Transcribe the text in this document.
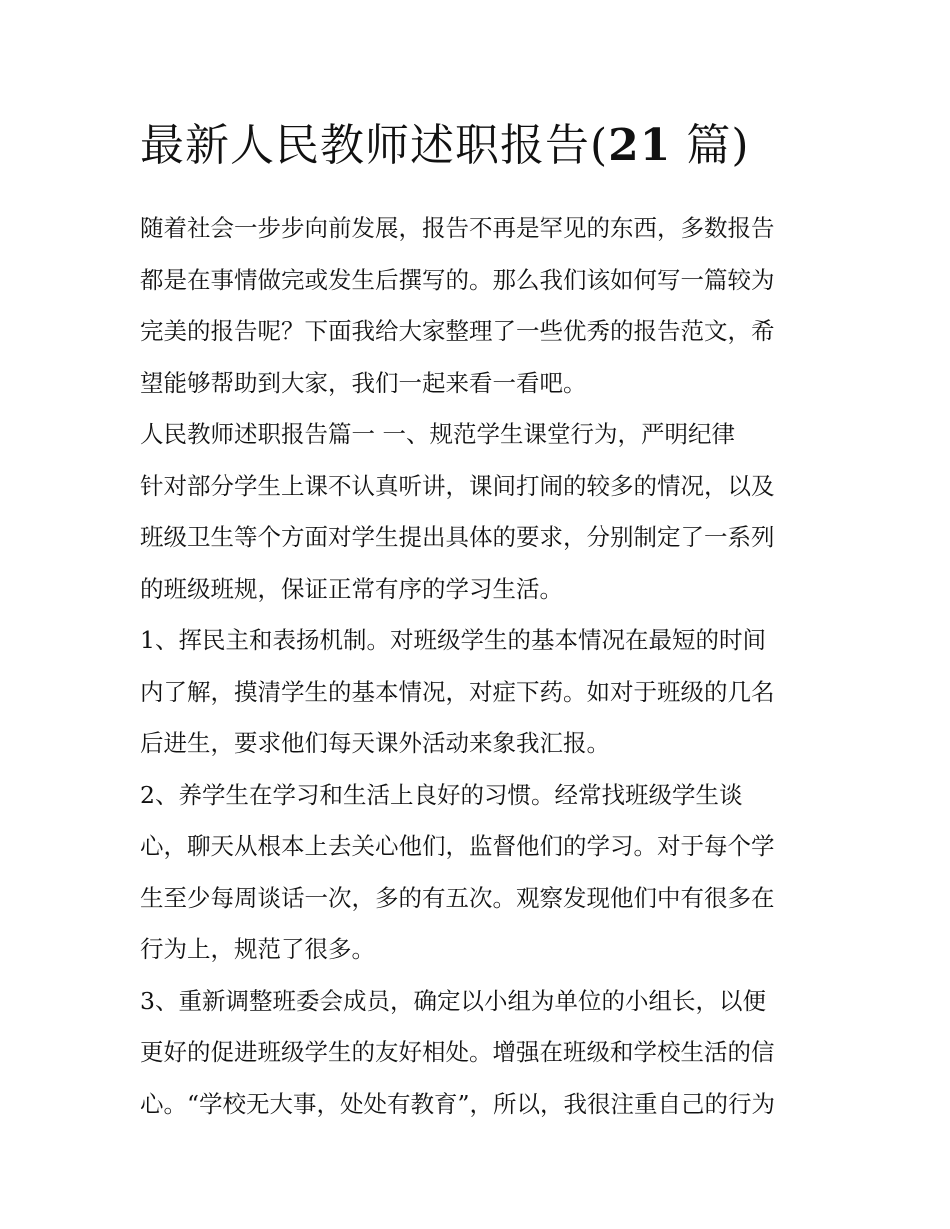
最新人民教师述职报告(21 篇)
随着社会一步步向前发展，报告不再是罕见的东西，多数报告
都是在事情做完或发生后撰写的。那么我们该如何写一篇较为
完美的报告呢？下面我给大家整理了一些优秀的报告范文，希
望能够帮助到大家，我们一起来看一看吧。
人民教师述职报告篇一 一、规范学生课堂行为，严明纪律
针对部分学生上课不认真听讲，课间打闹的较多的情况，以及
班级卫生等个方面对学生提出具体的要求，分别制定了一系列
的班级班规，保证正常有序的学习生活。
1、挥民主和表扬机制。对班级学生的基本情况在最短的时间
内了解，摸清学生的基本情况，对症下药。如对于班级的几名
后进生，要求他们每天课外活动来象我汇报。
2、养学生在学习和生活上良好的习惯。经常找班级学生谈
心，聊天从根本上去关心他们，监督他们的学习。对于每个学
生至少每周谈话一次，多的有五次。观察发现他们中有很多在
行为上，规范了很多。
3、重新调整班委会成员，确定以小组为单位的小组长，以便
更好的促进班级学生的友好相处。增强在班级和学校生活的信
心。“学校无大事，处处有教育”，所以，我很注重自己的行为
